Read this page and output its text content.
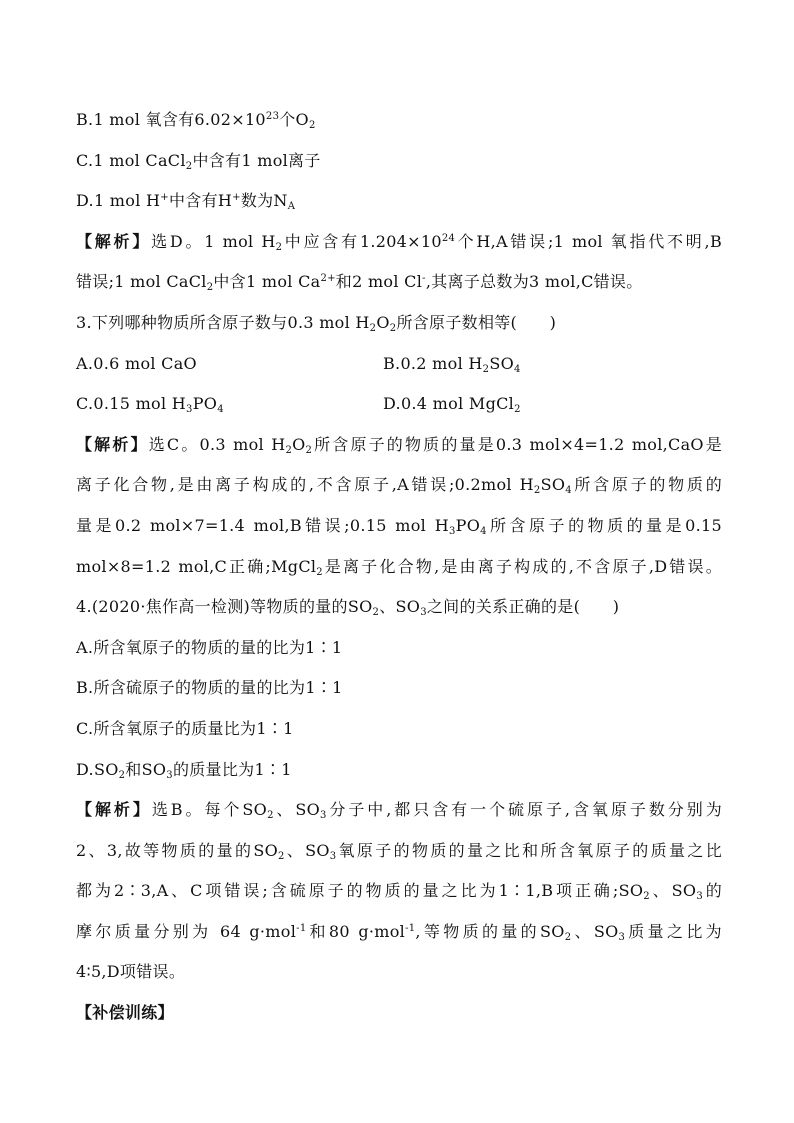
B.1 mol 氧含有$6.02\times 10^{23}$个$O_2$
C.1 mol CaCl$_2$中含有1 mol离子
D.1 mol H+中含有H+数为$N_A$
【解析】选D。1 mol $H_2$中应含有$1.204\times 10^{24}$个H,A错误;1 mol 氧指代不明,B
错误;1 mol CaCl$_2$中含1 mol $Ca^{2+}$和2 mol Cl-,其离子总数为3 mol,C错误。
3.下列哪种物质所含原子数与0.3 mol $H_2O_2$所含原子数相等(　　)
A.0.6 mol CaO	B.0.2 mol $H_2SO_4$
C.0.15 mol $H_3PO_4$	D.0.4 mol MgCl$_2$
【解析】选C。0.3 mol $H_2O_2$所含原子的物质的量是0.3 mol×4=1.2 mol,CaO是
离子化合物,是由离子构成的,不含原子,A错误;0.2mol $H_2SO_4$所含原子的物质的
量是0.2 mol×7=1.4 mol,B错误;0.15 mol $H_3PO_4$所含原子的物质的量是0.15
mol×8=1.2 mol,C正确;MgCl$_2$是离子化合物,是由离子构成的,不含原子,D错误。
4.(2020·焦作高一检测)等物质的量的$SO_2$、$SO_3$之间的关系正确的是(　　)
A.所含氧原子的物质的量的比为1∶1
B.所含硫原子的物质的量的比为1∶1
C.所含氧原子的质量比为1∶1
$D.SO_2$和$SO_3$的质量比为1∶1
【解析】选B。每个$SO_2$、$SO_3$分子中,都只含有一个硫原子,含氧原子数分别为
2、3,故等物质的量的$SO_2$、$SO_3$氧原子的物质的量之比和所含氧原子的质量之比
都为2∶3,A、C项错误;含硫原子的物质的量之比为1∶1,B项正确$;SO_2$、$SO_3$的
摩尔质量分别为 64 g·mol$^{-1}$和80 g·mol$^{-1}$,等物质的量的$SO_2$、$SO_3$质量之比为
4∶5,D项错误。
【补偿训练】
